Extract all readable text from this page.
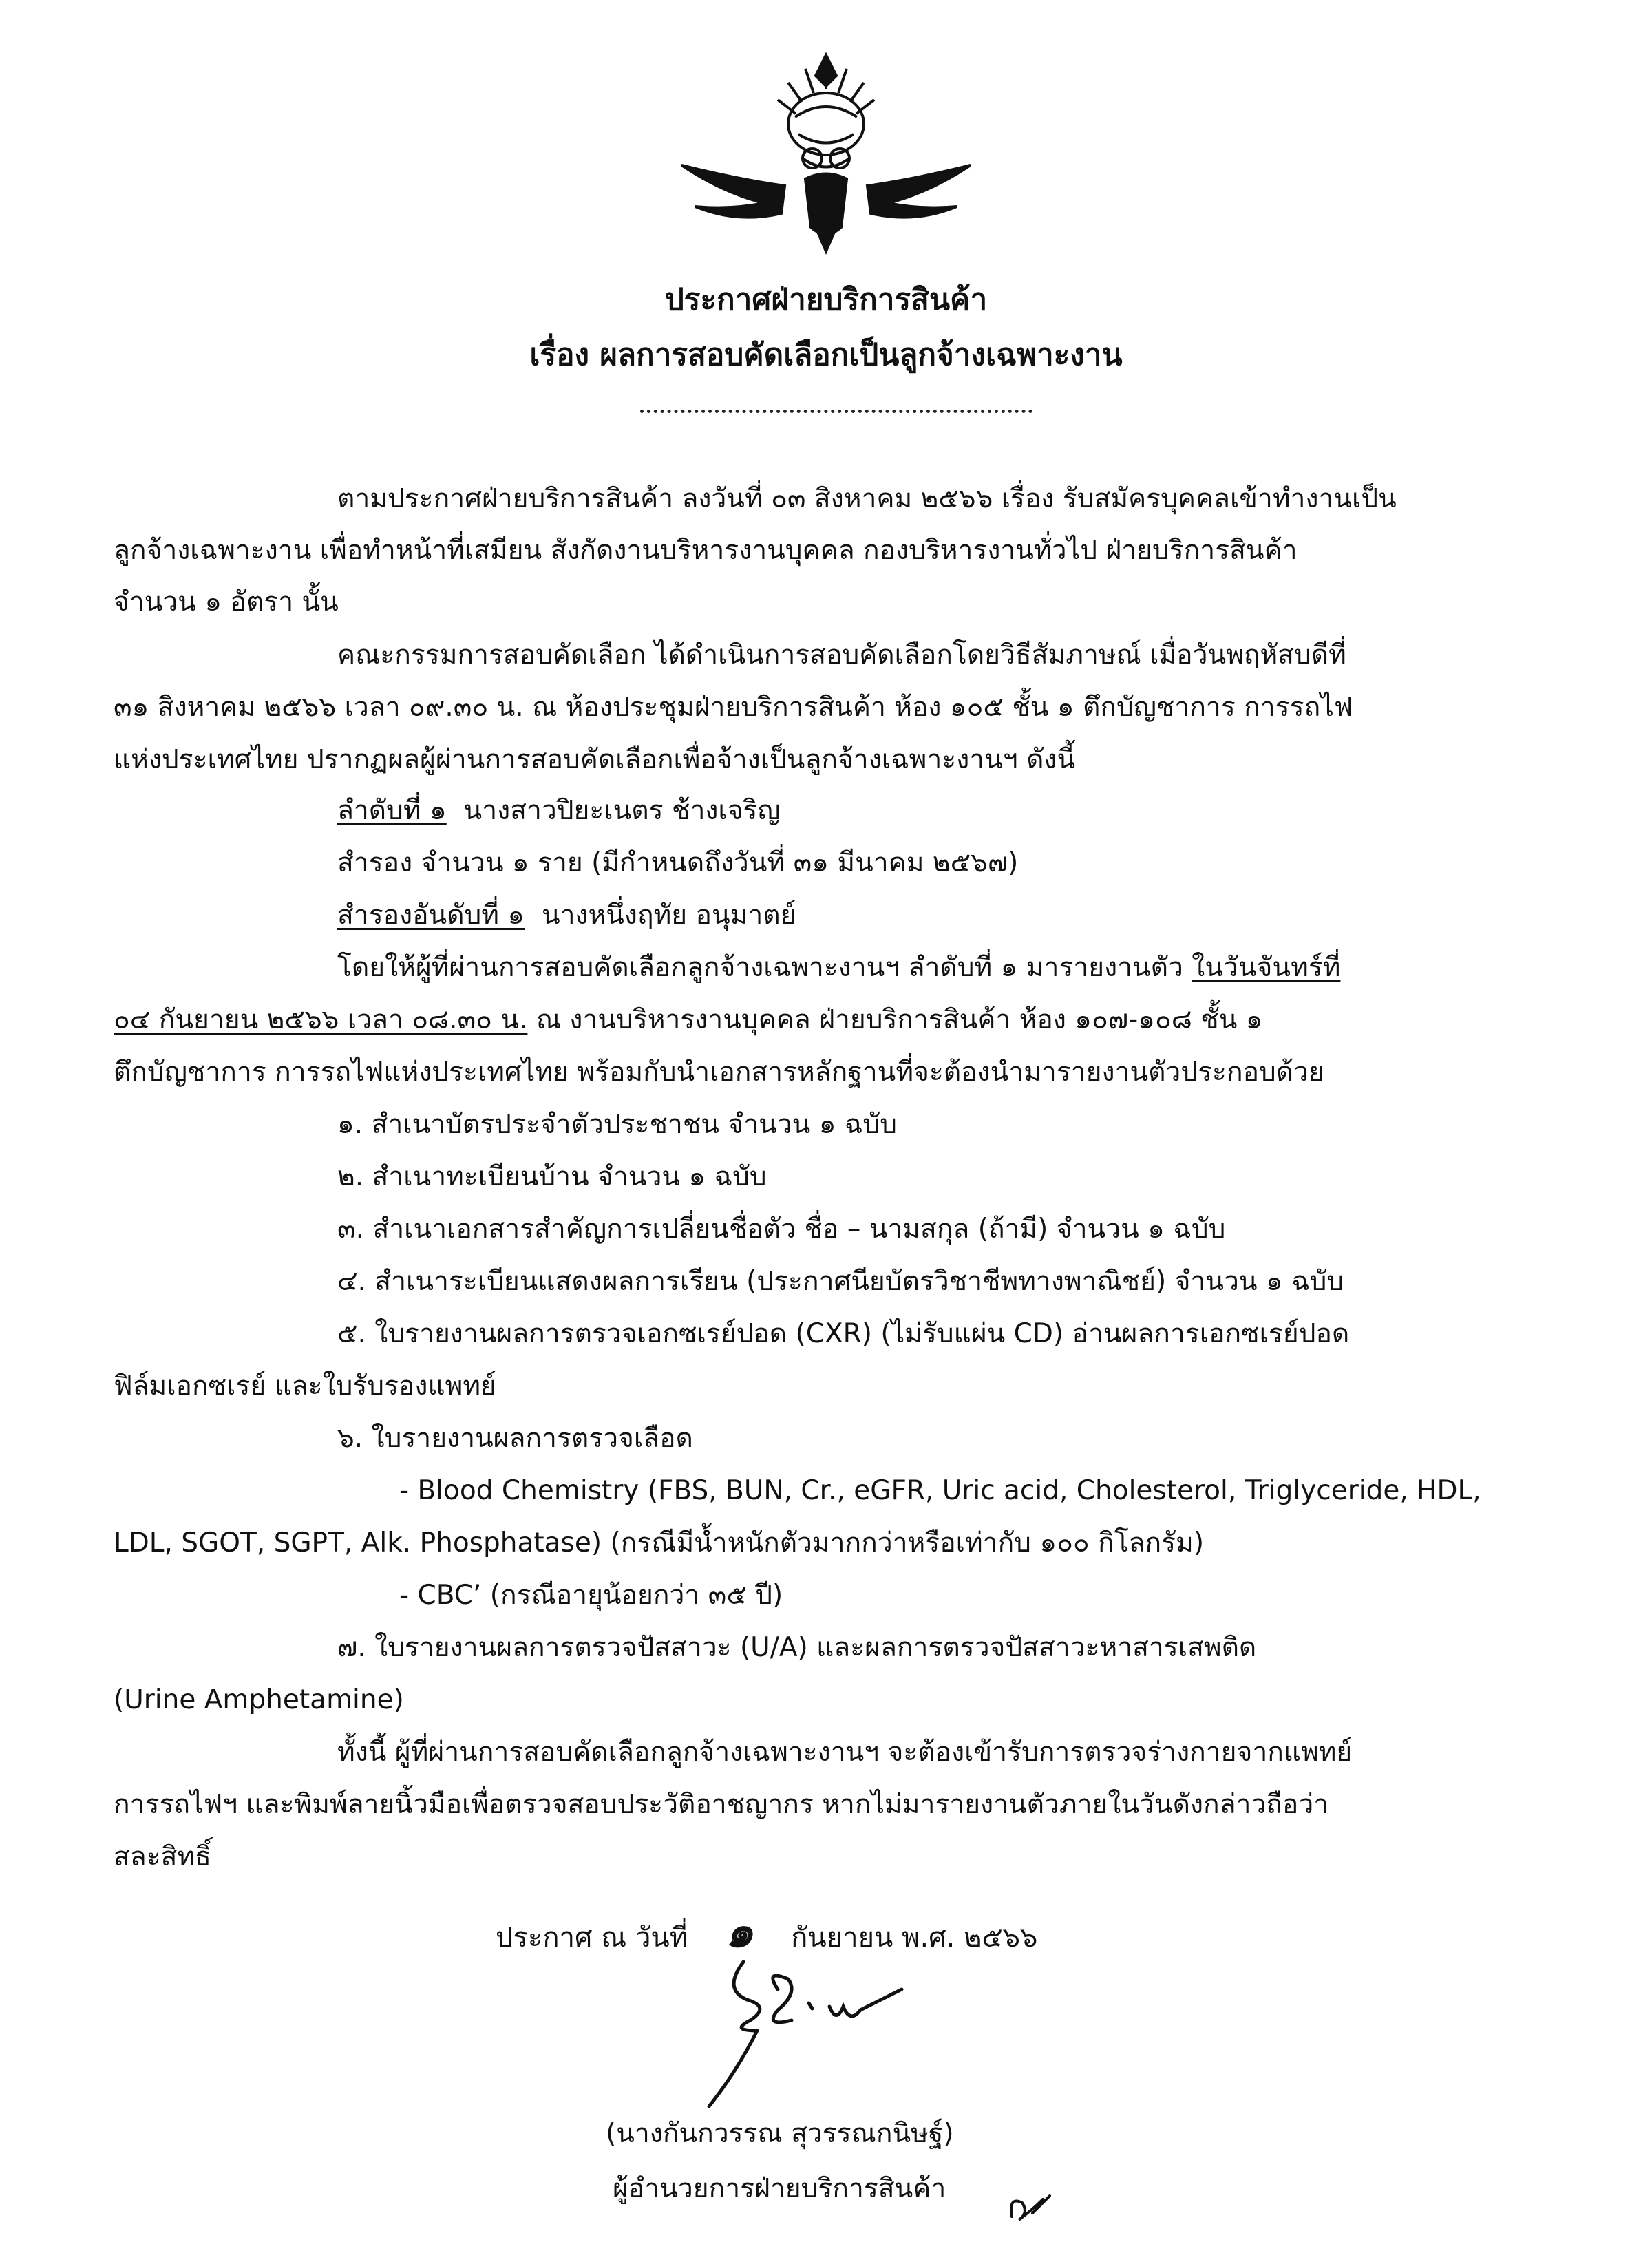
ประกาศฝ่ายบริการสินค้า
เรื่อง ผลการสอบคัดเลือกเป็นลูกจ้างเฉพาะงาน
ตามประกาศฝ่ายบริการสินค้า ลงวันที่ ๐๓ สิงหาคม ๒๕๖๖ เรื่อง รับสมัครบุคคลเข้าทำงานเป็น
ลูกจ้างเฉพาะงาน เพื่อทำหน้าที่เสมียน สังกัดงานบริหารงานบุคคล กองบริหารงานทั่วไป ฝ่ายบริการสินค้า
จำนวน ๑ อัตรา นั้น
คณะกรรมการสอบคัดเลือก ได้ดำเนินการสอบคัดเลือกโดยวิธีสัมภาษณ์ เมื่อวันพฤหัสบดีที่
๓๑ สิงหาคม ๒๕๖๖ เวลา ๐๙.๓๐ น. ณ ห้องประชุมฝ่ายบริการสินค้า ห้อง ๑๐๕ ชั้น ๑ ตึกบัญชาการ การรถไฟ
แห่งประเทศไทย ปรากฏผลผู้ผ่านการสอบคัดเลือกเพื่อจ้างเป็นลูกจ้างเฉพาะงานฯ ดังนี้
ลำดับที่ ๑ นางสาวปิยะเนตร ช้างเจริญ
สำรอง จำนวน ๑ ราย (มีกำหนดถึงวันที่ ๓๑ มีนาคม ๒๕๖๗)
สำรองอันดับที่ ๑ นางหนึ่งฤทัย อนุมาตย์
โดยให้ผู้ที่ผ่านการสอบคัดเลือกลูกจ้างเฉพาะงานฯ ลำดับที่ ๑ มารายงานตัว ในวันจันทร์ที่
๐๔ กันยายน ๒๕๖๖ เวลา ๐๘.๓๐ น. ณ งานบริหารงานบุคคล ฝ่ายบริการสินค้า ห้อง ๑๐๗-๑๐๘ ชั้น ๑
ตึกบัญชาการ การรถไฟแห่งประเทศไทย พร้อมกับนำเอกสารหลักฐานที่จะต้องนำมารายงานตัวประกอบด้วย
๑. สำเนาบัตรประจำตัวประชาชน จำนวน ๑ ฉบับ
๒. สำเนาทะเบียนบ้าน จำนวน ๑ ฉบับ
๓. สำเนาเอกสารสำคัญการเปลี่ยนชื่อตัว ชื่อ – นามสกุล (ถ้ามี) จำนวน ๑ ฉบับ
๔. สำเนาระเบียนแสดงผลการเรียน (ประกาศนียบัตรวิชาชีพทางพาณิชย์) จำนวน ๑ ฉบับ
๕. ใบรายงานผลการตรวจเอกซเรย์ปอด (CXR) (ไม่รับแผ่น CD) อ่านผลการเอกซเรย์ปอด
ฟิล์มเอกซเรย์ และใบรับรองแพทย์
๖. ใบรายงานผลการตรวจเลือด
- Blood Chemistry (FBS, BUN, Cr., eGFR, Uric acid, Cholesterol, Triglyceride, HDL,
LDL, SGOT, SGPT, Alk. Phosphatase) (กรณีมีน้ำหนักตัวมากกว่าหรือเท่ากับ ๑๐๐ กิโลกรัม)
- CBC’ (กรณีอายุน้อยกว่า ๓๕ ปี)
๗. ใบรายงานผลการตรวจปัสสาวะ (U/A) และผลการตรวจปัสสาวะหาสารเสพติด
(Urine Amphetamine)
ทั้งนี้ ผู้ที่ผ่านการสอบคัดเลือกลูกจ้างเฉพาะงานฯ จะต้องเข้ารับการตรวจร่างกายจากแพทย์
การรถไฟฯ และพิมพ์ลายนิ้วมือเพื่อตรวจสอบประวัติอาชญากร หากไม่มารายงานตัวภายในวันดังกล่าวถือว่า
สละสิทธิ์
ประกาศ ณ วันที่ ๑ กันยายน พ.ศ. ๒๕๖๖
(นางกันกวรรณ สุวรรณกนิษฐ์)
ผู้อำนวยการฝ่ายบริการสินค้า
